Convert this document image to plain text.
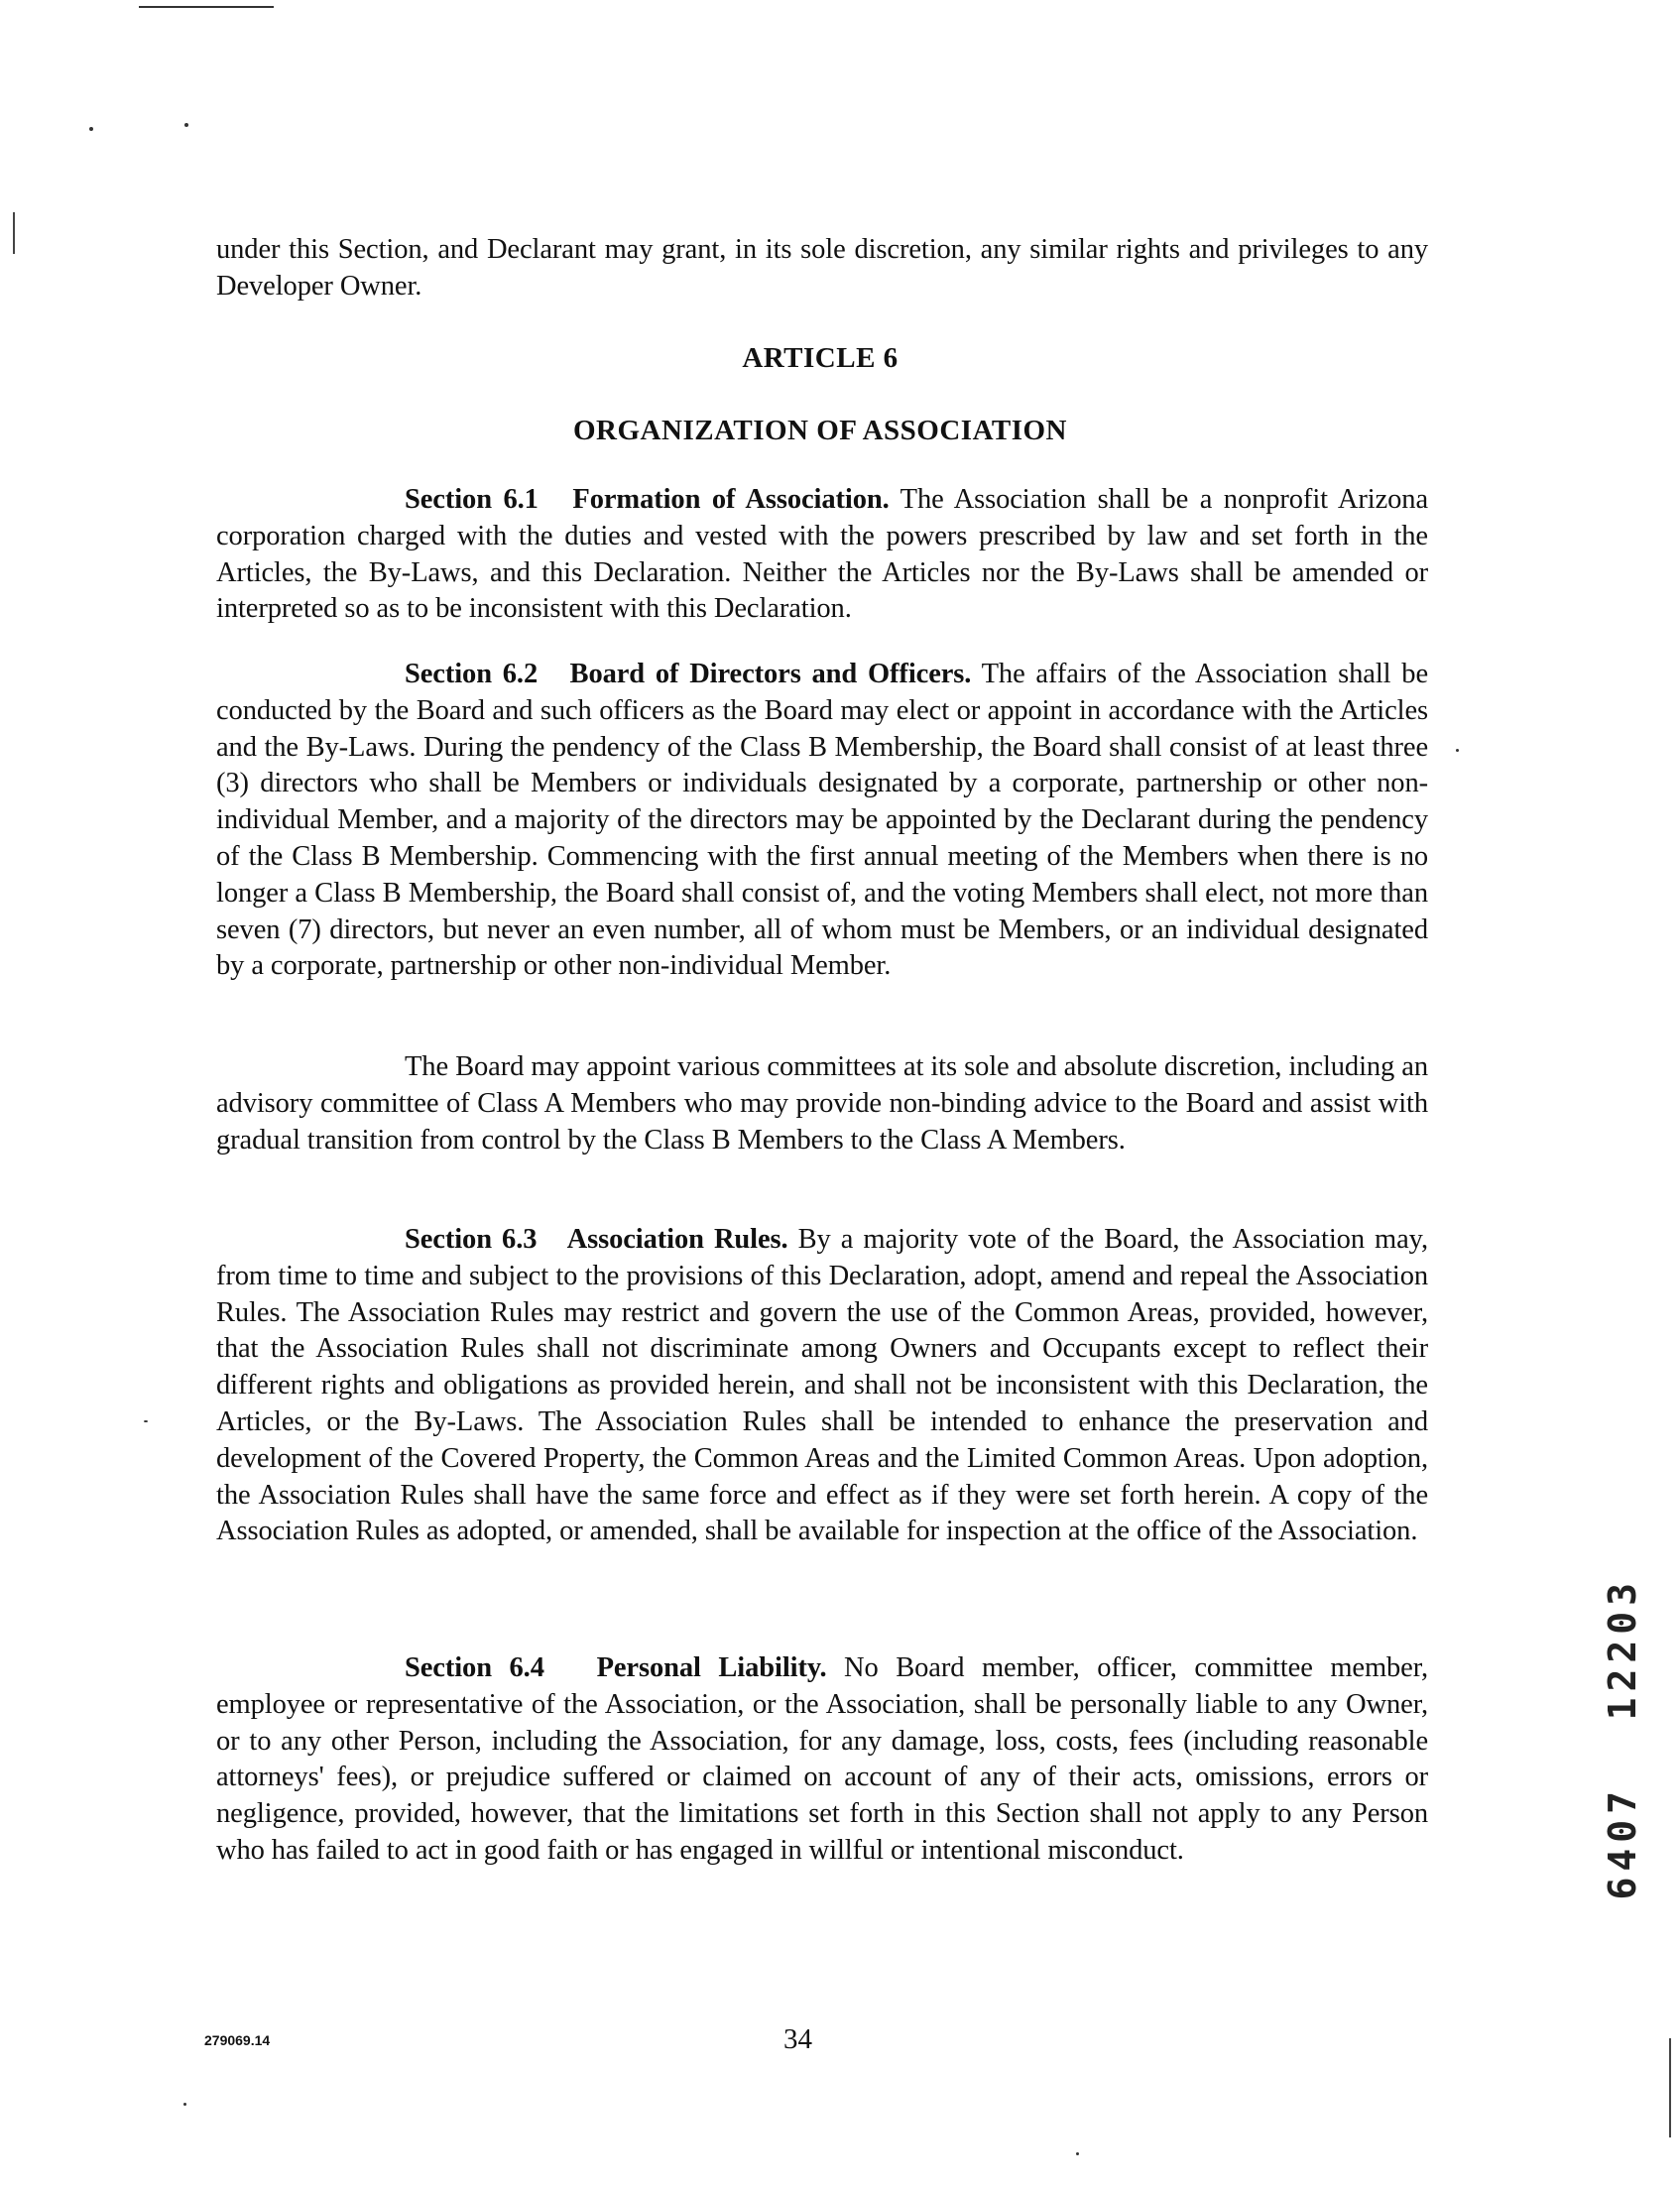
under this Section, and Declarant may grant, in its sole discretion, any similar rights and privileges to any Developer Owner.

ARTICLE 6
ORGANIZATION OF ASSOCIATION

Section 6.1 Formation of Association. The Association shall be a nonprofit Arizona corporation charged with the duties and vested with the powers prescribed by law and set forth in the Articles, the By-Laws, and this Declaration. Neither the Articles nor the By-Laws shall be amended or interpreted so as to be inconsistent with this Declaration.

Section 6.2 Board of Directors and Officers. The affairs of the Association shall be conducted by the Board and such officers as the Board may elect or appoint in accordance with the Articles and the By-Laws. During the pendency of the Class B Membership, the Board shall consist of at least three (3) directors who shall be Members or individuals designated by a corporate, partnership or other non-individual Member, and a majority of the directors may be appointed by the Declarant during the pendency of the Class B Membership. Commencing with the first annual meeting of the Members when there is no longer a Class B Membership, the Board shall consist of, and the voting Members shall elect, not more than seven (7) directors, but never an even number, all of whom must be Members, or an individual designated by a corporate, partnership or other non-individual Member.

The Board may appoint various committees at its sole and absolute discretion, including an advisory committee of Class A Members who may provide non-binding advice to the Board and assist with gradual transition from control by the Class B Members to the Class A Members.

Section 6.3 Association Rules. By a majority vote of the Board, the Association may, from time to time and subject to the provisions of this Declaration, adopt, amend and repeal the Association Rules. The Association Rules may restrict and govern the use of the Common Areas, provided, however, that the Association Rules shall not discriminate among Owners and Occupants except to reflect their different rights and obligations as provided herein, and shall not be inconsistent with this Declaration, the Articles, or the By-Laws. The Association Rules shall be intended to enhance the preservation and development of the Covered Property, the Common Areas and the Limited Common Areas. Upon adoption, the Association Rules shall have the same force and effect as if they were set forth herein. A copy of the Association Rules as adopted, or amended, shall be available for inspection at the office of the Association.

Section 6.4 Personal Liability. No Board member, officer, committee member, employee or representative of the Association, or the Association, shall be personally liable to any Owner, or to any other Person, including the Association, for any damage, loss, costs, fees (including reasonable attorneys' fees), or prejudice suffered or claimed on account of any of their acts, omissions, errors or negligence, provided, however, that the limitations set forth in this Section shall not apply to any Person who has failed to act in good faith or has engaged in willful or intentional misconduct.

279069.14	34
12203
6407
